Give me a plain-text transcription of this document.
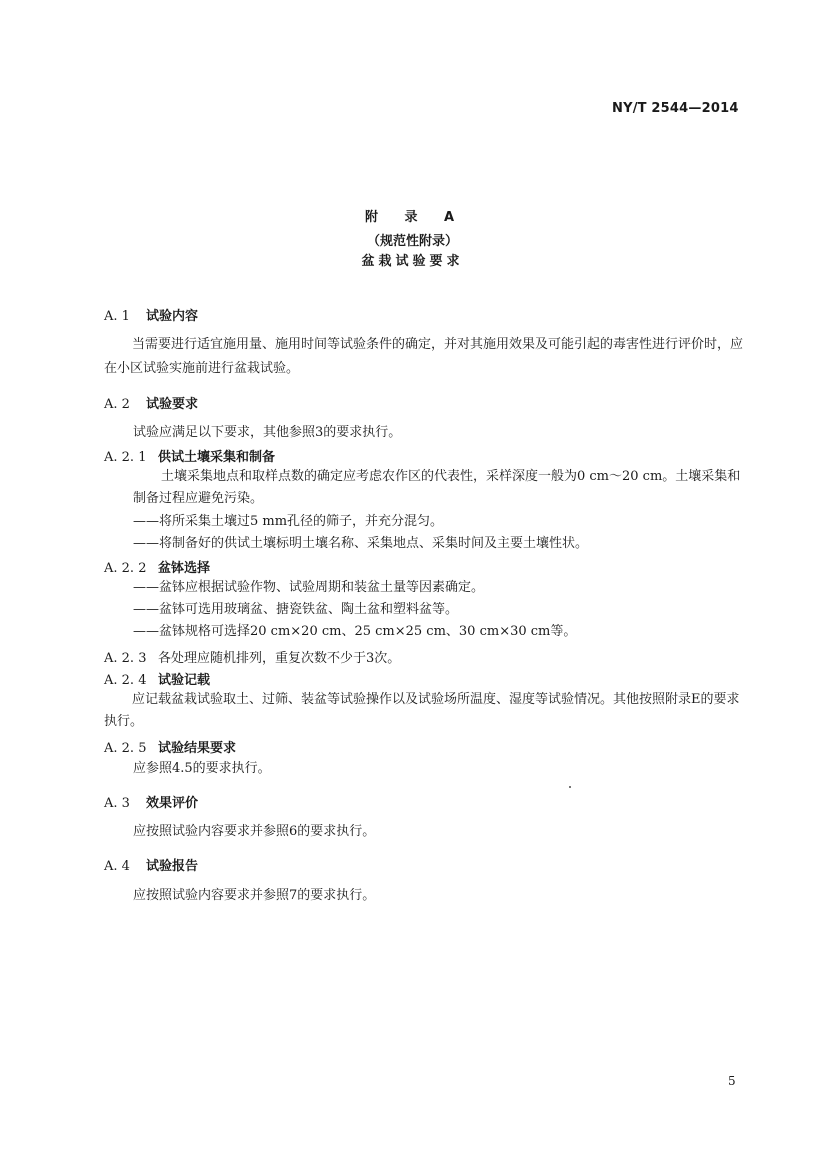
NY/T 2544—2014
附 录 A
（规范性附录）
盆栽试验要求
A. 1 试验内容
当需要进行适宜施用量、施用时间等试验条件的确定，并对其施用效果及可能引起的毒害性进行评价时，应在小区试验实施前进行盆栽试验。
A. 2 试验要求
试验应满足以下要求，其他参照3的要求执行。
A. 2. 1 供试土壤采集和制备
土壤采集地点和取样点数的确定应考虑农作区的代表性，采样深度一般为0 cm～20 cm。土壤采集和制备过程应避免污染。
——将所采集土壤过5 mm孔径的筛子，并充分混匀。
——将制备好的供试土壤标明土壤名称、采集地点、采集时间及主要土壤性状。
A. 2. 2 盆钵选择
——盆钵应根据试验作物、试验周期和装盆土量等因素确定。
——盆钵可选用玻璃盆、搪瓷铁盆、陶土盆和塑料盆等。
——盆钵规格可选择20 cm×20 cm、25 cm×25 cm、30 cm×30 cm等。
A. 2. 3 各处理应随机排列，重复次数不少于3次。
A. 2. 4 试验记载
应记载盆栽试验取土、过筛、装盆等试验操作以及试验场所温度、湿度等试验情况。其他按照附录E的要求执行。
A. 2. 5 试验结果要求
应参照4.5的要求执行。
A. 3 效果评价
应按照试验内容要求并参照6的要求执行。
A. 4 试验报告
应按照试验内容要求并参照7的要求执行。
5
